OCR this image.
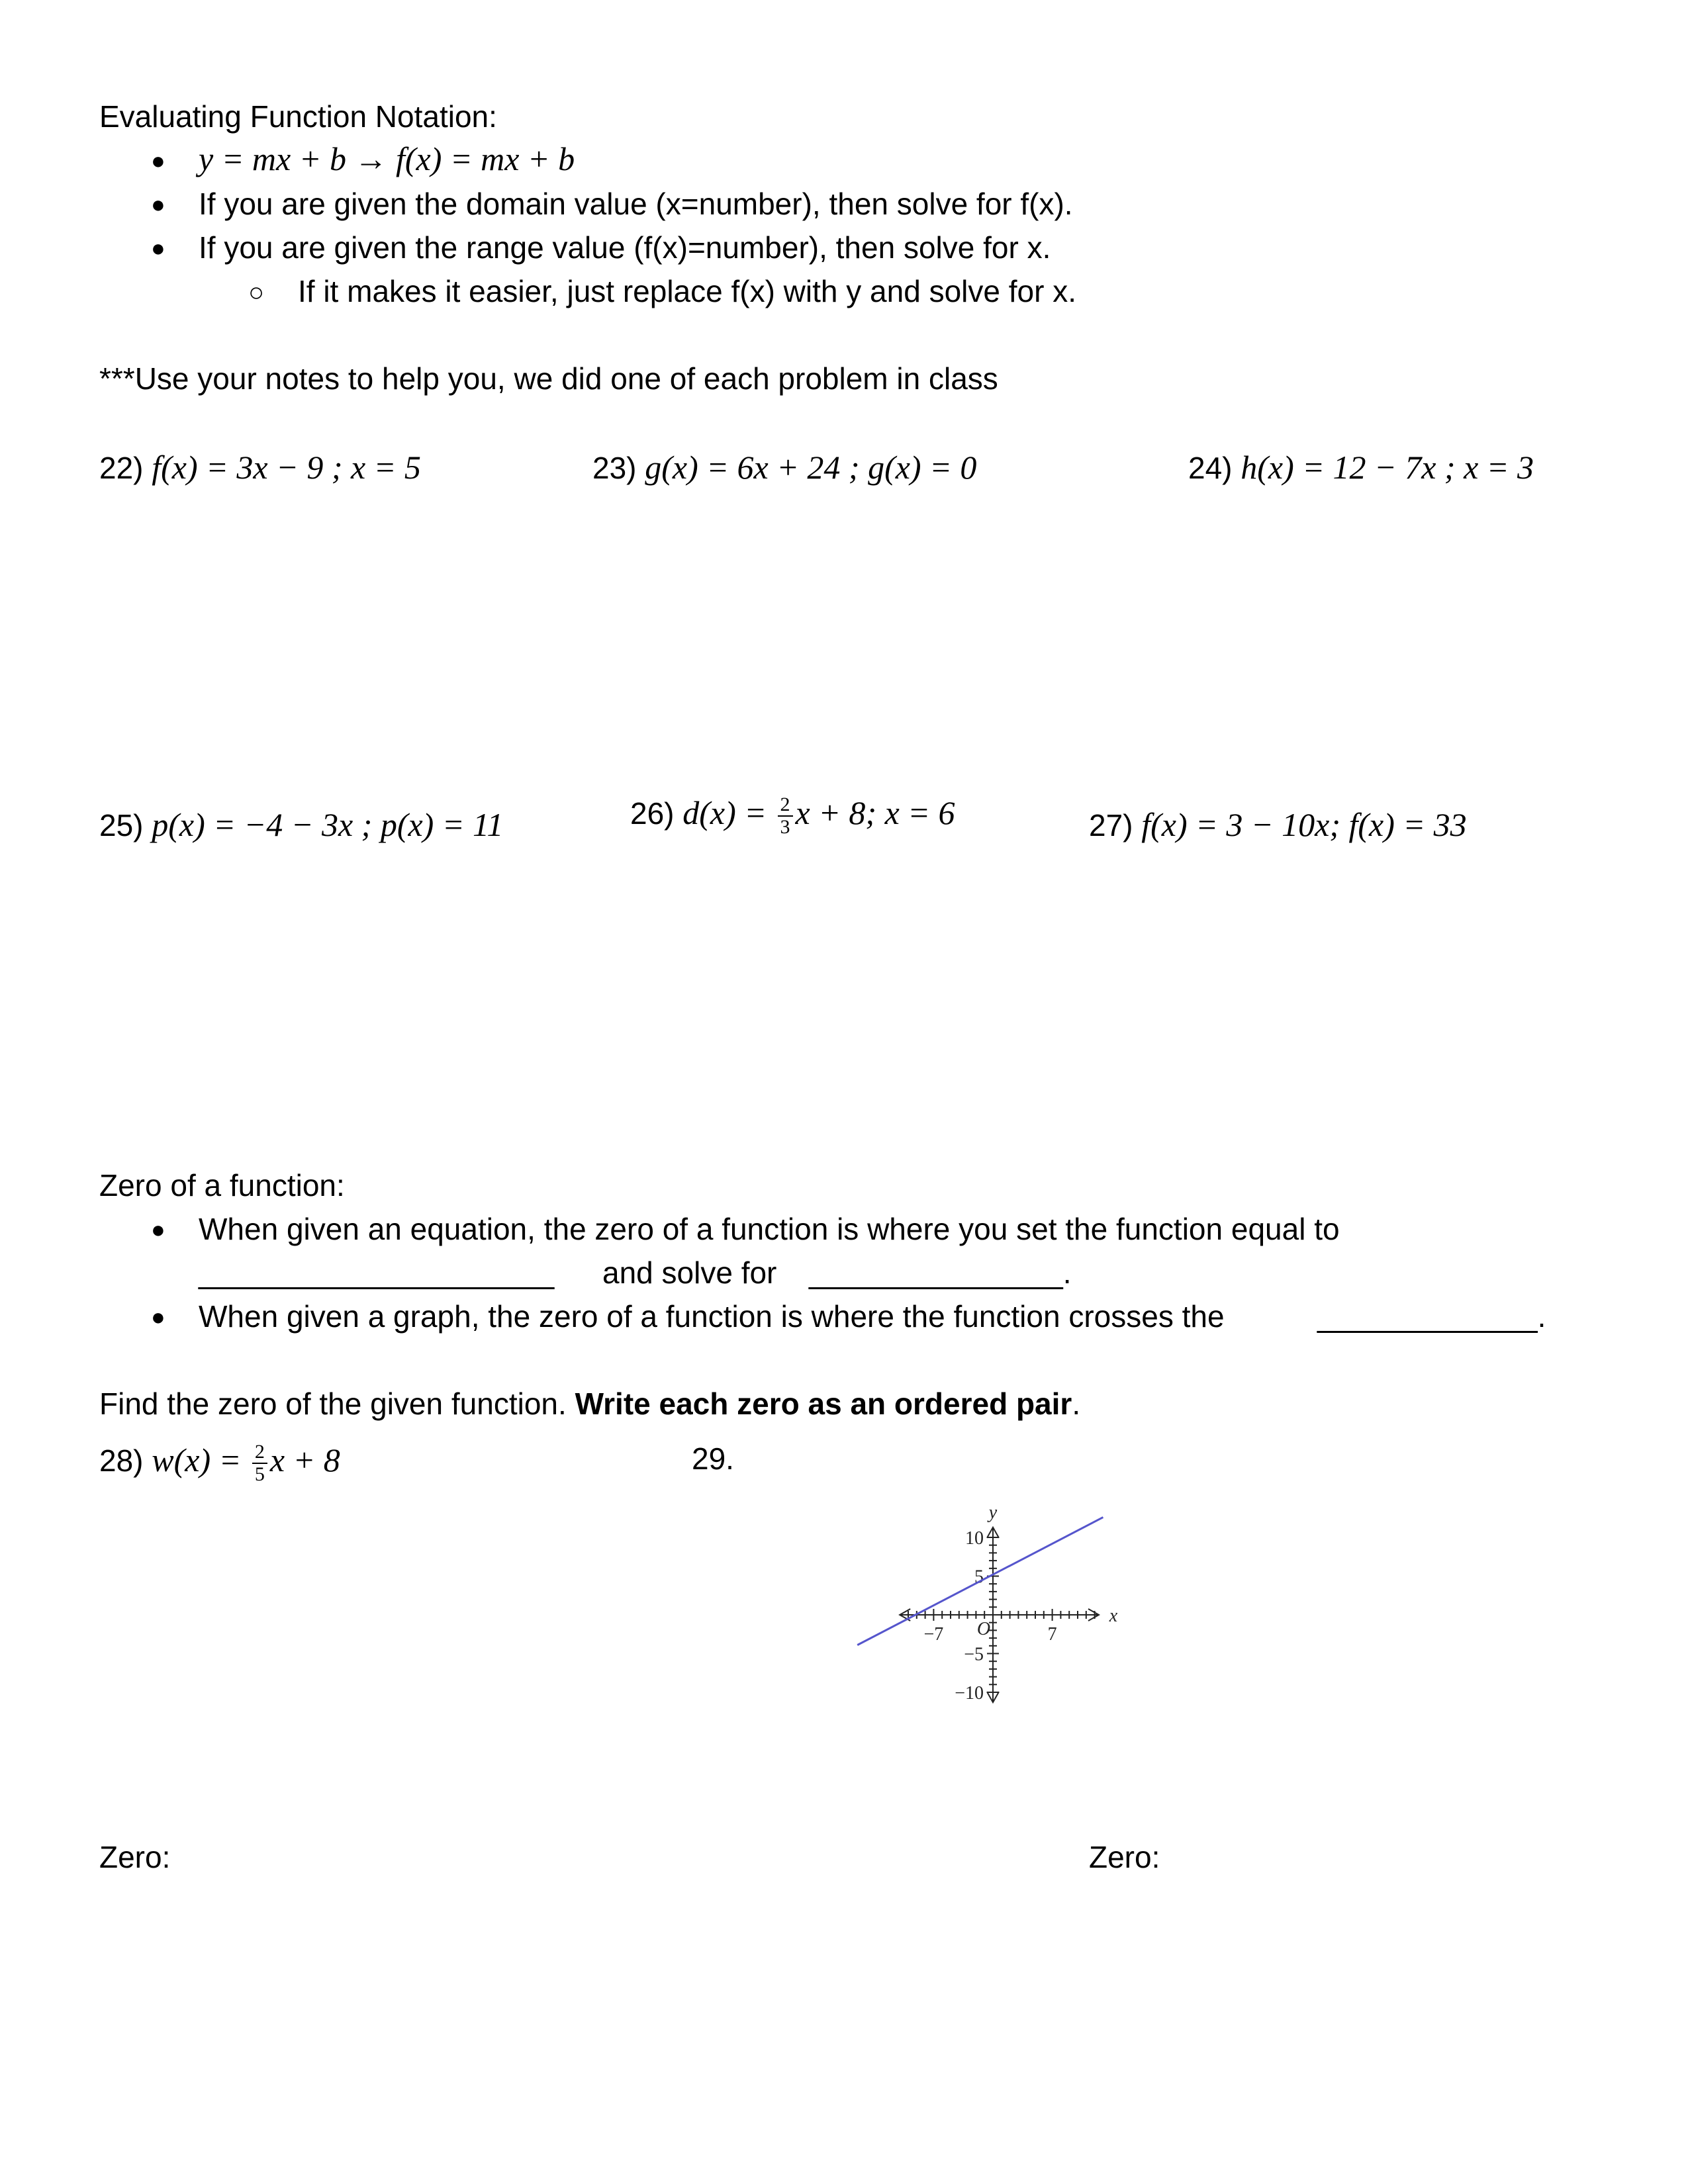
Evaluating Function Notation:
● y = mx + b → f(x) = mx + b
● If you are given the domain value (x=number), then solve for f(x).
● If you are given the range value (f(x)=number), then solve for x.
○ If it makes it easier, just replace f(x) with y and solve for x.
***Use your notes to help you, we did one of each problem in class
22) f(x) = 3x − 9 ; x = 5	23) g(x) = 6x + 24 ; g(x) = 0	24) h(x) = 12 − 7x ; x = 3
25) p(x) = −4 − 3x ; p(x) = 11	26) $d(x) = \frac{2}{3}$ x + 8; x = 6	27) f(x) = 3 − 10x; f(x) = 33
Zero of a function:
● When given an equation, the zero of a function is where you set the function equal to
_____________________ and solve for _______________.
● When given a graph, the zero of a function is where the function crosses the	_____________.
Find the zero of the given function. Write each zero as an ordered pair.
28) $w(x) = \frac{2}{5}$ x + 8	29.
−7 O	7
10
5
−5
−10
x
y
Zero:	Zero:
